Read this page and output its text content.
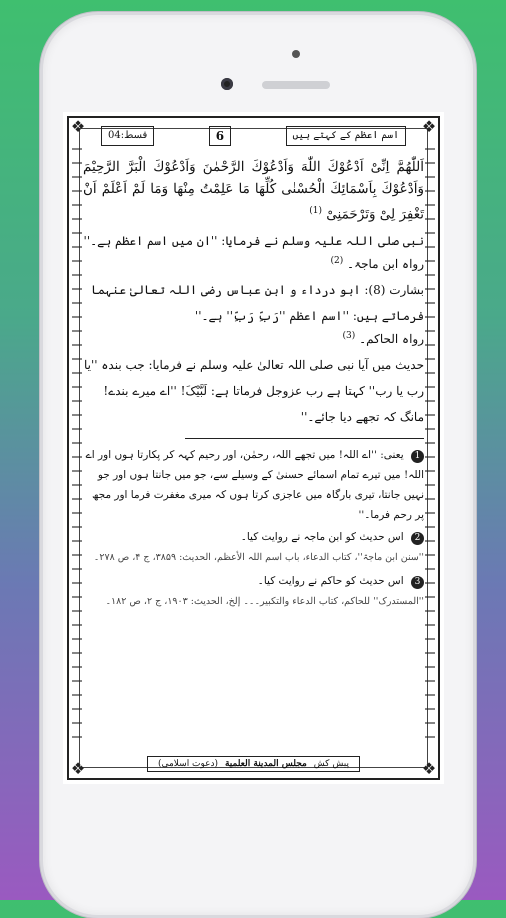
❖	❖
❖	❖
قسط:04	6	اسم اعظم کے کہتے ہیں

اَللّٰهُمَّ اِنِّیْ اَدْعُوْكَ اللّٰهَ وَاَدْعُوْكَ الرَّحْمٰنَ وَاَدْعُوْكَ الْبَرَّ الرَّحِیْمَ وَاَدْعُوْكَ بِاَسْمَائِكَ الْحُسْنٰى كُلِّهَا مَا عَلِمْتُ مِنْهَا وَمَا لَمْ اَعْلَمْ اَنْ تَغْفِرَ لِیْ وَتَرْحَمَنِیْ $^{(1)}$

نبی صلی اللہ علیہ وسلم نے فرمایا: ''ان میں اسم اعظم ہے۔''

رواہ ابن ماجۃ۔ $^{(2)}$

بشارت (8): ابو درداء و ابن عباس رضی اللہ تعالیٰ عنہما فرماتے ہیں: ''اسم اعظم ''رَبِّ رَبِّ'' ہے۔''

رواہ الحاکم۔ $^{(3)}$

حدیث میں آیا نبی صلی اللہ تعالیٰ علیہ وسلم نے فرمایا: جب بندہ ''یا رب یا رب'' کہتا ہے رب عزوجل فرماتا ہے: لَبَّیْکَ! ''اے میرے بندے! مانگ کہ تجھے دیا جائے۔''

1 یعنی: ''اے اللہ! میں تجھے اللہ، رحمٰن، اور رحیم کہہ کر پکارتا ہوں اور اے اللہ! میں تیرے تمام اسمائے حسنیٰ کے وسیلے سے، جو میں جانتا ہوں اور جو نہیں جانتا، تیری بارگاہ میں عاجزی کرتا ہوں کہ میری مغفرت فرما اور مجھ پر رحم فرما۔''

2 اس حدیث کو ابن ماجہ نے روایت کیا۔

''سنن ابن ماجۃ''، کتاب الدعاء، باب اسم اللہ الأعظم، الحدیث: ۳۸۵۹، ج ۴، ص ۲۷۸۔

3 اس حدیث کو حاکم نے روایت کیا۔

''المستدرک'' للحاکم، کتاب الدعاء والتکبیر۔۔۔ إلخ، الحدیث: ۱۹۰۳، ج ۲، ص ۱۸۲۔

پیش کش مجلس المدینة العلمیة (دعوت اسلامی)
